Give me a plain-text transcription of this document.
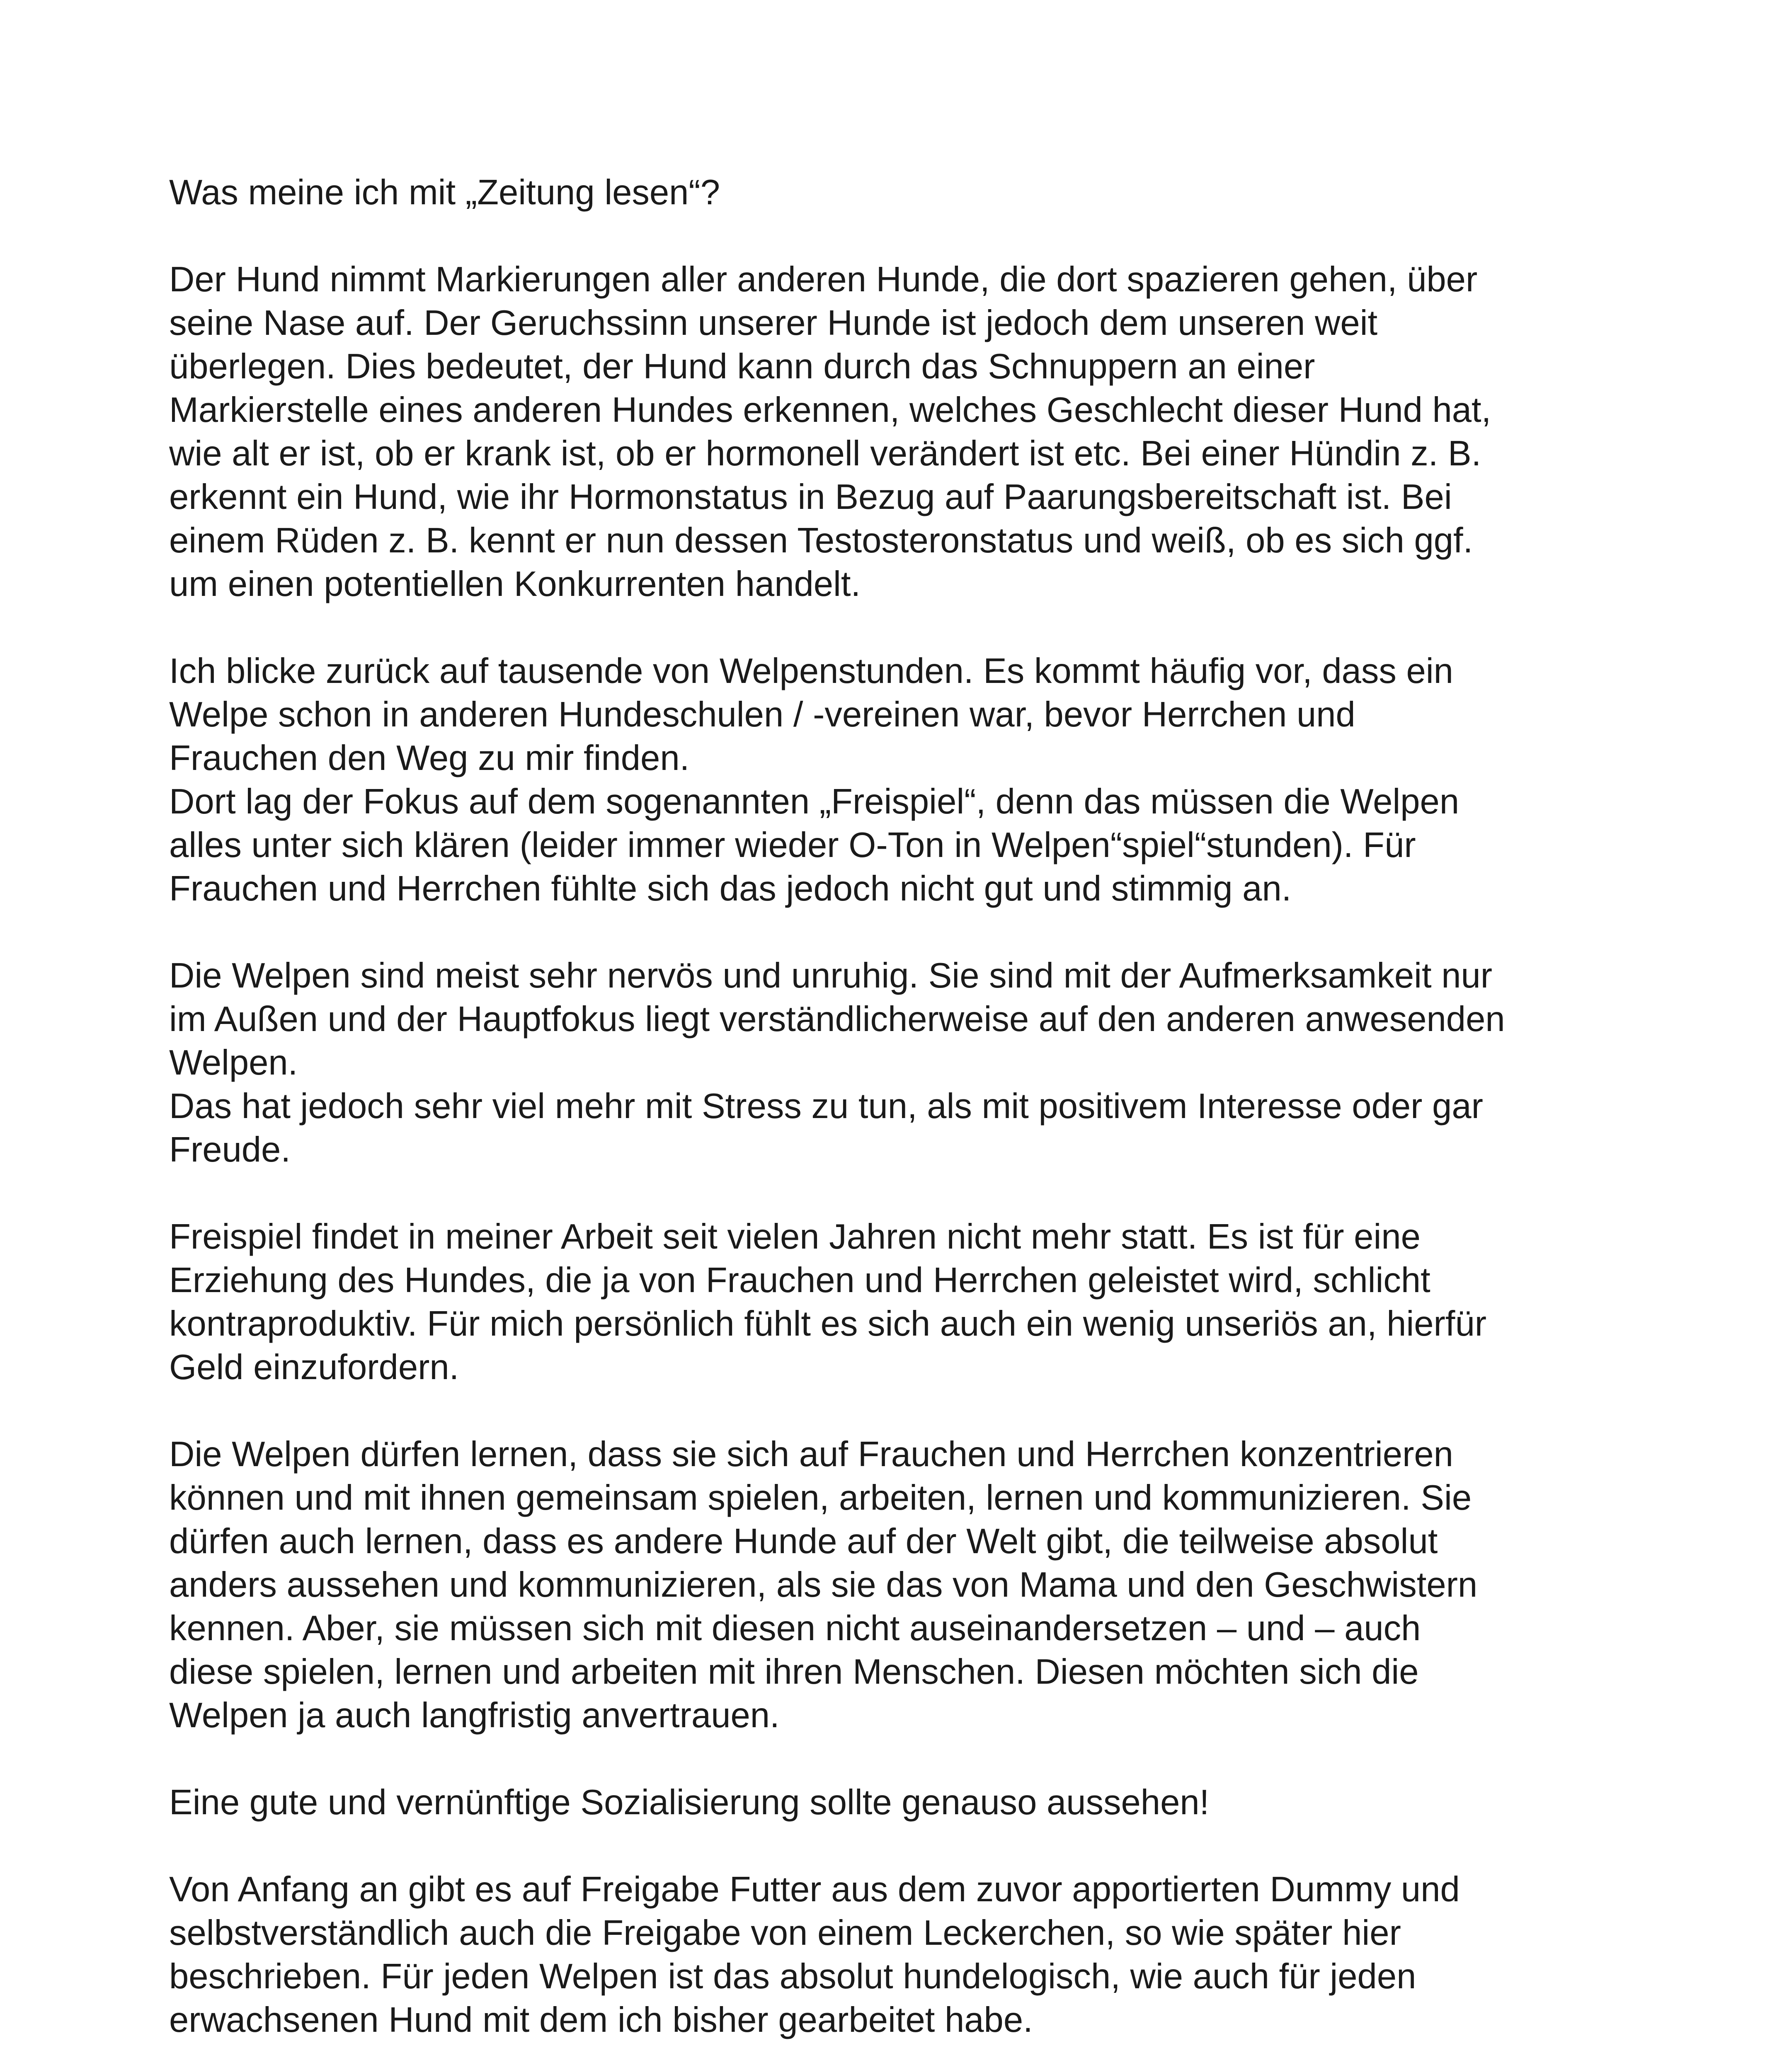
Was meine ich mit „Zeitung lesen“?
Der Hund nimmt Markierungen aller anderen Hunde, die dort spazieren gehen, über
seine Nase auf. Der Geruchssinn unserer Hunde ist jedoch dem unseren weit
überlegen. Dies bedeutet, der Hund kann durch das Schnuppern an einer
Markierstelle eines anderen Hundes erkennen, welches Geschlecht dieser Hund hat,
wie alt er ist, ob er krank ist, ob er hormonell verändert ist etc. Bei einer Hündin z. B.
erkennt ein Hund, wie ihr Hormonstatus in Bezug auf Paarungsbereitschaft ist. Bei
einem Rüden z. B. kennt er nun dessen Testosteronstatus und weiß, ob es sich ggf.
um einen potentiellen Konkurrenten handelt.
Ich blicke zurück auf tausende von Welpenstunden. Es kommt häufig vor, dass ein
Welpe schon in anderen Hundeschulen / -vereinen war, bevor Herrchen und
Frauchen den Weg zu mir finden.
Dort lag der Fokus auf dem sogenannten „Freispiel“, denn das müssen die Welpen
alles unter sich klären (leider immer wieder O-Ton in Welpen“spiel“stunden). Für
Frauchen und Herrchen fühlte sich das jedoch nicht gut und stimmig an.
Die Welpen sind meist sehr nervös und unruhig. Sie sind mit der Aufmerksamkeit nur
im Außen und der Hauptfokus liegt verständlicherweise auf den anderen anwesenden
Welpen.
Das hat jedoch sehr viel mehr mit Stress zu tun, als mit positivem Interesse oder gar
Freude.
Freispiel findet in meiner Arbeit seit vielen Jahren nicht mehr statt. Es ist für eine
Erziehung des Hundes, die ja von Frauchen und Herrchen geleistet wird, schlicht
kontraproduktiv. Für mich persönlich fühlt es sich auch ein wenig unseriös an, hierfür
Geld einzufordern.
Die Welpen dürfen lernen, dass sie sich auf Frauchen und Herrchen konzentrieren
können und mit ihnen gemeinsam spielen, arbeiten, lernen und kommunizieren. Sie
dürfen auch lernen, dass es andere Hunde auf der Welt gibt, die teilweise absolut
anders aussehen und kommunizieren, als sie das von Mama und den Geschwistern
kennen. Aber, sie müssen sich mit diesen nicht auseinandersetzen – und – auch
diese spielen, lernen und arbeiten mit ihren Menschen. Diesen möchten sich die
Welpen ja auch langfristig anvertrauen.
Eine gute und vernünftige Sozialisierung sollte genauso aussehen!
Von Anfang an gibt es auf Freigabe Futter aus dem zuvor apportierten Dummy und
selbstverständlich auch die Freigabe von einem Leckerchen, so wie später hier
beschrieben. Für jeden Welpen ist das absolut hundelogisch, wie auch für jeden
erwachsenen Hund mit dem ich bisher gearbeitet habe.
